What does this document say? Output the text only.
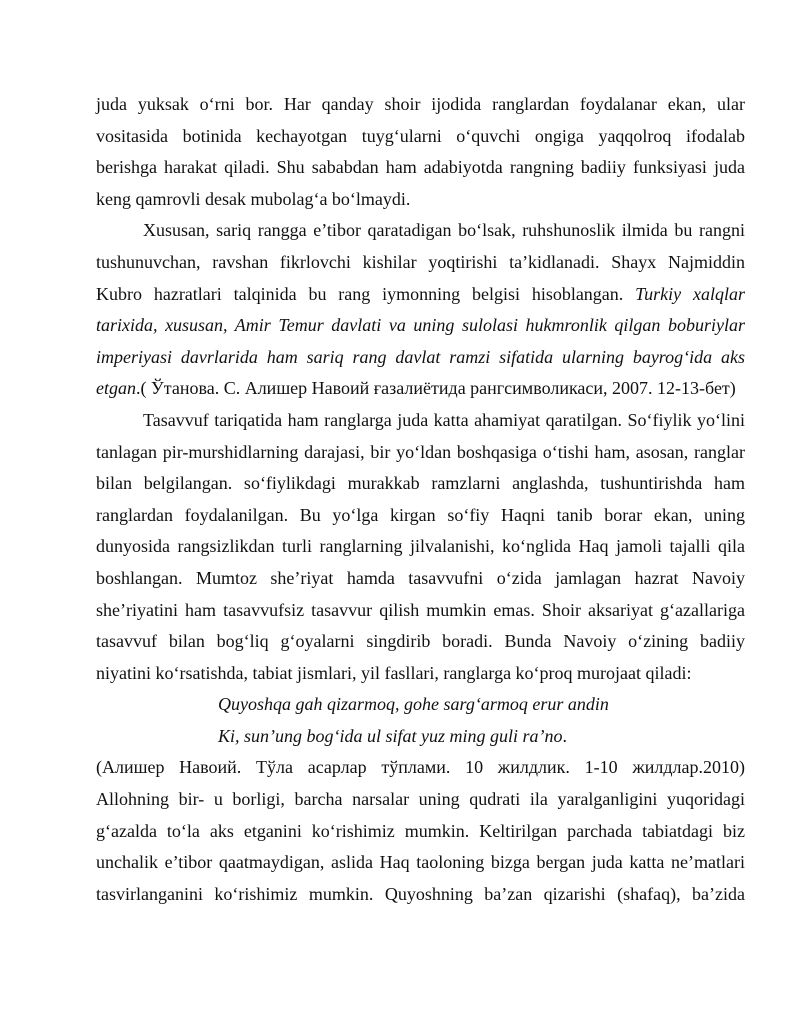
juda yuksak o‘rni bor. Har qanday shoir ijodida ranglardan foydalanar ekan, ular
vositasida botinida kechayotgan tuyg‘ularni o‘quvchi ongiga yaqqolroq ifodalab
berishga harakat qiladi. Shu sababdan ham adabiyotda rangning badiiy funksiyasi juda
keng qamrovli desak mubolag‘a bo‘lmaydi.
Xususan, sariq rangga e’tibor qaratadigan bo‘lsak, ruhshunoslik ilmida bu rangni
tushunuvchan, ravshan fikrlovchi kishilar yoqtirishi ta’kidlanadi. Shayx Najmiddin
Kubro hazratlari talqinida bu rang iymonning belgisi hisoblangan. Turkiy xalqlar
tarixida, xususan, Amir Temur davlati va uning sulolasi hukmronlik qilgan boburiylar
imperiyasi davrlarida ham sariq rang davlat ramzi sifatida ularning bayrog‘ida aks
etgan.( Ўтанова. С. Алишер Навоий ғазалиётида рангсимволикаси, 2007. 12-13-бет)
Tasavvuf tariqatida ham ranglarga juda katta ahamiyat qaratilgan. So‘fiylik yo‘lini
tanlagan pir-murshidlarning darajasi, bir yo‘ldan boshqasiga o‘tishi ham, asosan, ranglar
bilan belgilangan. so‘fiylikdagi murakkab ramzlarni anglashda, tushuntirishda ham
ranglardan foydalanilgan. Bu yo‘lga kirgan so‘fiy Haqni tanib borar ekan, uning
dunyosida rangsizlikdan turli ranglarning jilvalanishi, ko‘nglida Haq jamoli tajalli qila
boshlangan. Mumtoz she’riyat hamda tasavvufni o‘zida jamlagan hazrat Navoiy
she’riyatini ham tasavvufsiz tasavvur qilish mumkin emas. Shoir aksariyat g‘azallariga
tasavvuf bilan bog‘liq g‘oyalarni singdirib boradi. Bunda Navoiy o‘zining badiiy
niyatini ko‘rsatishda, tabiat jismlari, yil fasllari, ranglarga ko‘proq murojaat qiladi:
Quyoshqa gah qizarmoq, gohe sarg‘armoq erur andin
Ki, sun’ung bog‘ida ul sifat yuz ming guli ra’no.
(Алишер Навоий. Тўла асарлар тўплами. 10 жилдлик. 1-10 жилдлар.2010)
Allohning bir- u borligi, barcha narsalar uning qudrati ila yaralganligini yuqoridagi
g‘azalda to‘la aks etganini ko‘rishimiz mumkin. Keltirilgan parchada tabiatdagi biz
unchalik e’tibor qaatmaydigan, aslida Haq taoloning bizga bergan juda katta ne’matlari
tasvirlanganini ko‘rishimiz mumkin. Quyoshning ba’zan qizarishi (shafaq), ba’zida
